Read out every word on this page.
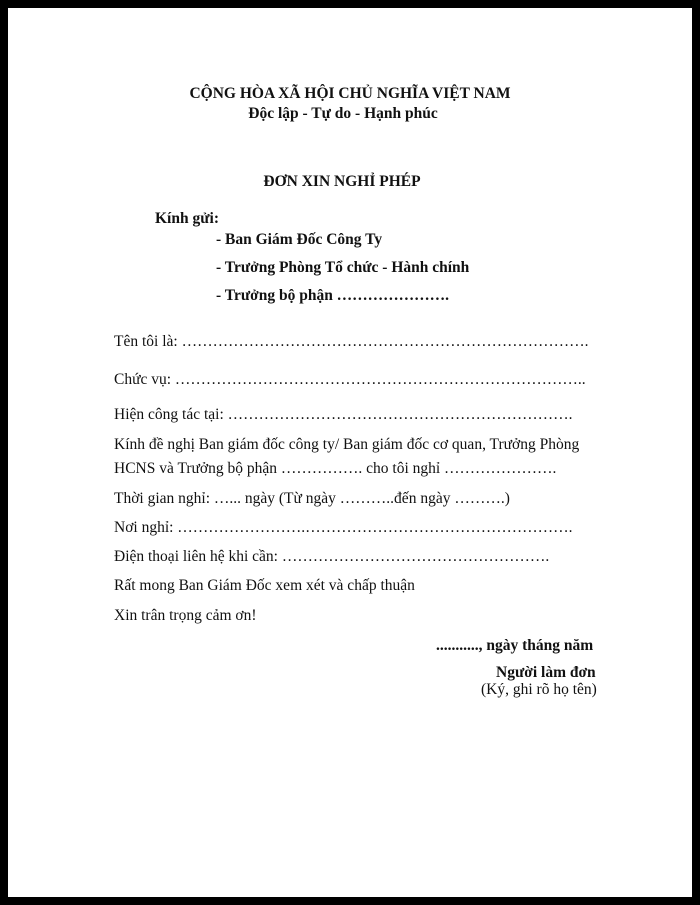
CỘNG HÒA XÃ HỘI CHỦ NGHĨA VIỆT NAM
Độc lập - Tự do - Hạnh phúc
ĐƠN XIN NGHỈ PHÉP
Kính gửi:
- Ban Giám Đốc Công Ty
- Trưởng Phòng Tổ chức - Hành chính
- Trưởng bộ phận ………………….
Tên tôi là: …………………………………………………………………….
Chức vụ: ……………………………………………………………………..
Hiện công tác tại: ………………………………………………………….
Kính đề nghị Ban giám đốc công ty/ Ban giám đốc cơ quan, Trưởng Phòng
HCNS và Trưởng bộ phận ……………. cho tôi nghỉ ………………….
Thời gian nghỉ: …... ngày (Từ ngày ………..đến ngày ……….)
Nơi nghỉ: …………………….…………………………………………….
Điện thoại liên hệ khi cần: …………………………………………….
Rất mong Ban Giám Đốc xem xét và chấp thuận
Xin trân trọng cảm ơn!
..........., ngày tháng năm
Người làm đơn
(Ký, ghi rõ họ tên)
